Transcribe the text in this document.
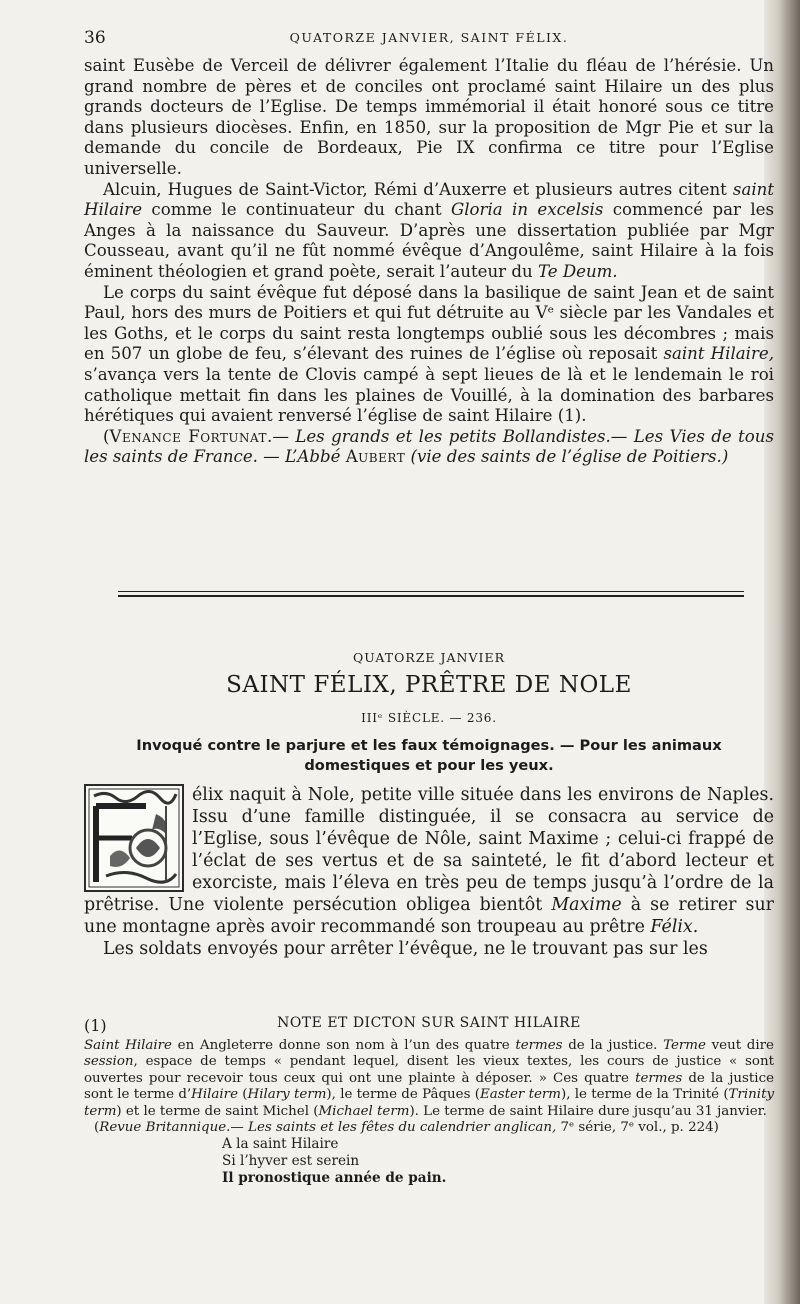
36	QUATORZE JANVIER, SAINT FÉLIX.

saint Eusèbe de Verceil de délivrer également l’Italie du fléau de l’hérésie. Un grand nombre de pères et de conciles ont proclamé saint Hilaire un des plus grands docteurs de l’Eglise. De temps immémorial il était honoré sous ce titre dans plusieurs diocèses. Enfin, en 1850, sur la proposition de Mgr Pie et sur la demande du concile de Bordeaux, Pie IX confirma ce titre pour l’Eglise universelle.

Alcuin, Hugues de Saint-Victor, Rémi d’Auxerre et plusieurs autres citent saint Hilaire comme le continuateur du chant Gloria in excelsis commencé par les Anges à la naissance du Sauveur. D’après une dissertation publiée par Mgr Cousseau, avant qu’il ne fût nommé évêque d’Angoulême, saint Hilaire à la fois éminent théologien et grand poète, serait l’auteur du Te Deum.

Le corps du saint évêque fut déposé dans la basilique de saint Jean et de saint Paul, hors des murs de Poitiers et qui fut détruite au Vᵉ siècle par les Vandales et les Goths, et le corps du saint resta longtemps oublié sous les décombres ; mais en 507 un globe de feu, s’élevant des ruines de l’église où reposait saint Hilaire, s’avança vers la tente de Clovis campé à sept lieues de là et le lendemain le roi catholique mettait fin dans les plaines de Vouillé, à la domination des barbares hérétiques qui avaient renversé l’église de saint Hilaire (1).

(Venance Fortunat.— Les grands et les petits Bollandistes.— Les Vies de tous les saints de France. — L’Abbé Aubert (vie des saints de l’église de Poitiers.)

QUATORZE JANVIER
SAINT FÉLIX, PRÊTRE DE NOLE
IIIᵉ SIÈCLE. — 236.
Invoqué contre le parjure et les faux témoignages. — Pour les animaux domestiques et pour les yeux.

élix naquit à Nole, petite ville située dans les environs de Naples. Issu d’une famille distinguée, il se consacra au service de l’Eglise, sous l’évêque de Nôle, saint Maxime ; celui-ci frappé de l’éclat de ses vertus et de sa sainteté, le fit d’abord lecteur et exorciste, mais l’éleva en très peu de temps jusqu’à l’ordre de la prêtrise. Une violente persécution obligea bientôt Maxime à se retirer sur une montagne après avoir recommandé son troupeau au prêtre Félix.

Les soldats envoyés pour arrêter l’évêque, ne le trouvant pas sur les

(1)	NOTE ET DICTON SUR SAINT HILAIRE

Saint Hilaire en Angleterre donne son nom à l’un des quatre termes de la justice. Terme veut dire session, espace de temps « pendant lequel, disent les vieux textes, les cours de justice « sont ouvertes pour recevoir tous ceux qui ont une plainte à déposer. » Ces quatre termes de la justice sont le terme d’Hilaire (Hilary term), le terme de Pâques (Easter term), le terme de la Trinité (Trinity term) et le terme de saint Michel (Michael term). Le terme de saint Hilaire dure jusqu’au 31 janvier.

(Revue Britannique.— Les saints et les fêtes du calendrier anglican, 7ᵉ série, 7ᵉ vol., p. 224)

A la saint Hilaire
Si l’hyver est serein
Il pronostique année de pain.
